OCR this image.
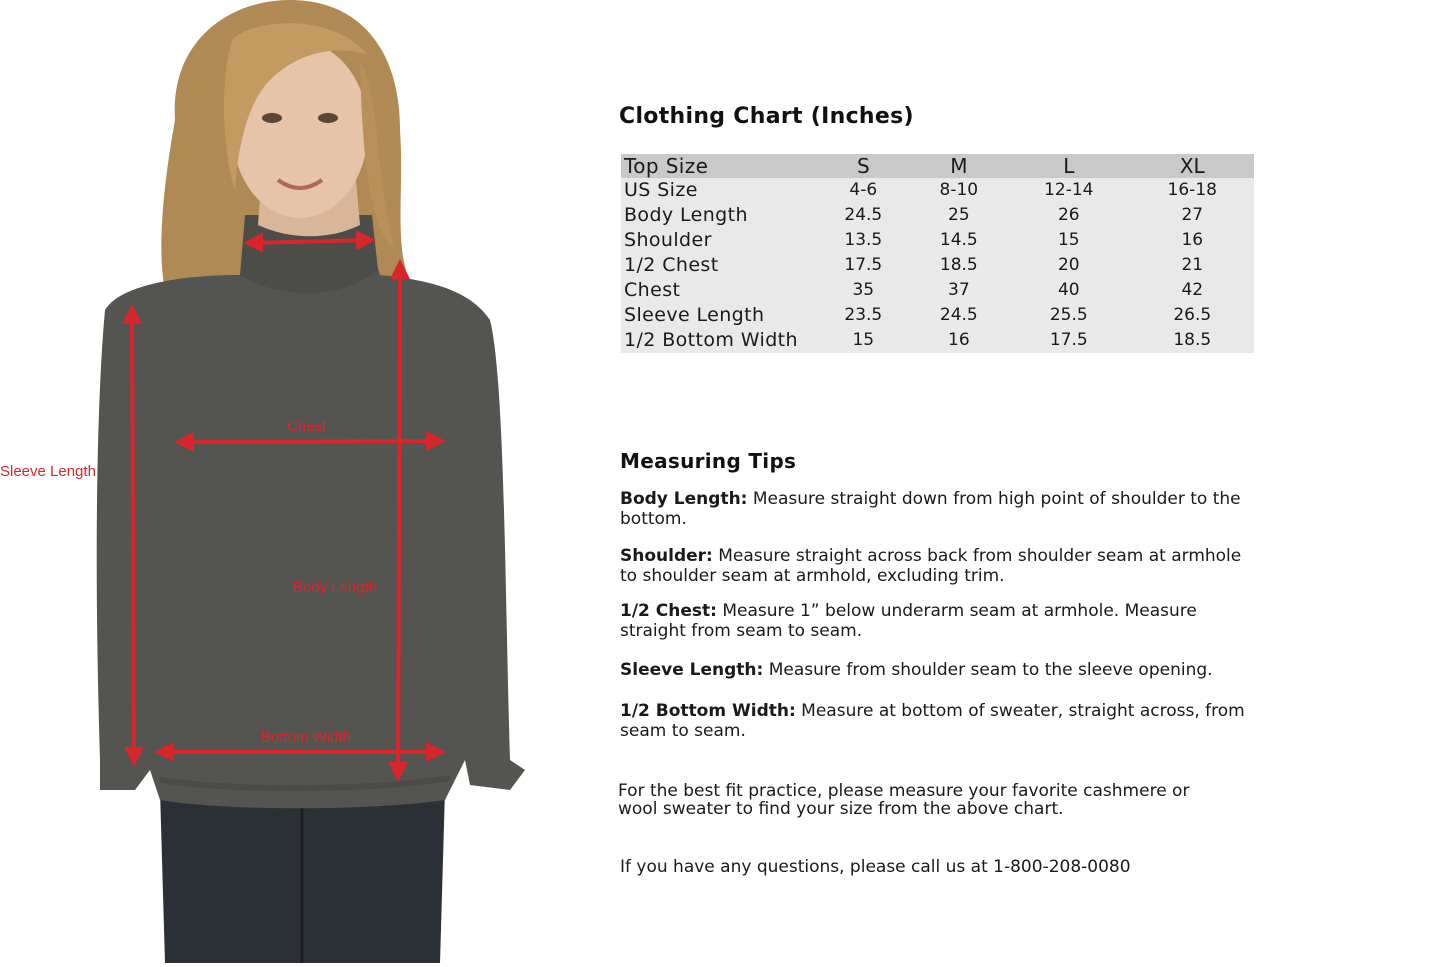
Sleeve Length
Chest
Body Length
Bottom Width
Clothing Chart (Inches)
Top Size	S	M	L	XL
US Size	4-6	8-10	12-14	16-18
Body Length	24.5	25	26	27
Shoulder	13.5	14.5	15	16
1/2 Chest	17.5	18.5	20	21
Chest	35	37	40	42
Sleeve Length	23.5	24.5	25.5	26.5
1/2 Bottom Width	15	16	17.5	18.5
Measuring Tips

Body Length: Measure straight down from high point of shoulder to the bottom.

Shoulder: Measure straight across back from shoulder seam at armhole to shoulder seam at armhold, excluding trim.

1/2 Chest: Measure 1” below underarm seam at armhole. Measure straight from seam to seam.

Sleeve Length: Measure from shoulder seam to the sleeve opening.

1/2 Bottom Width: Measure at bottom of sweater, straight across, from seam to seam.

For the best fit practice, please measure your favorite cashmere or wool sweater to find your size from the above chart.

If you have any questions, please call us at 1-800-208-0080
